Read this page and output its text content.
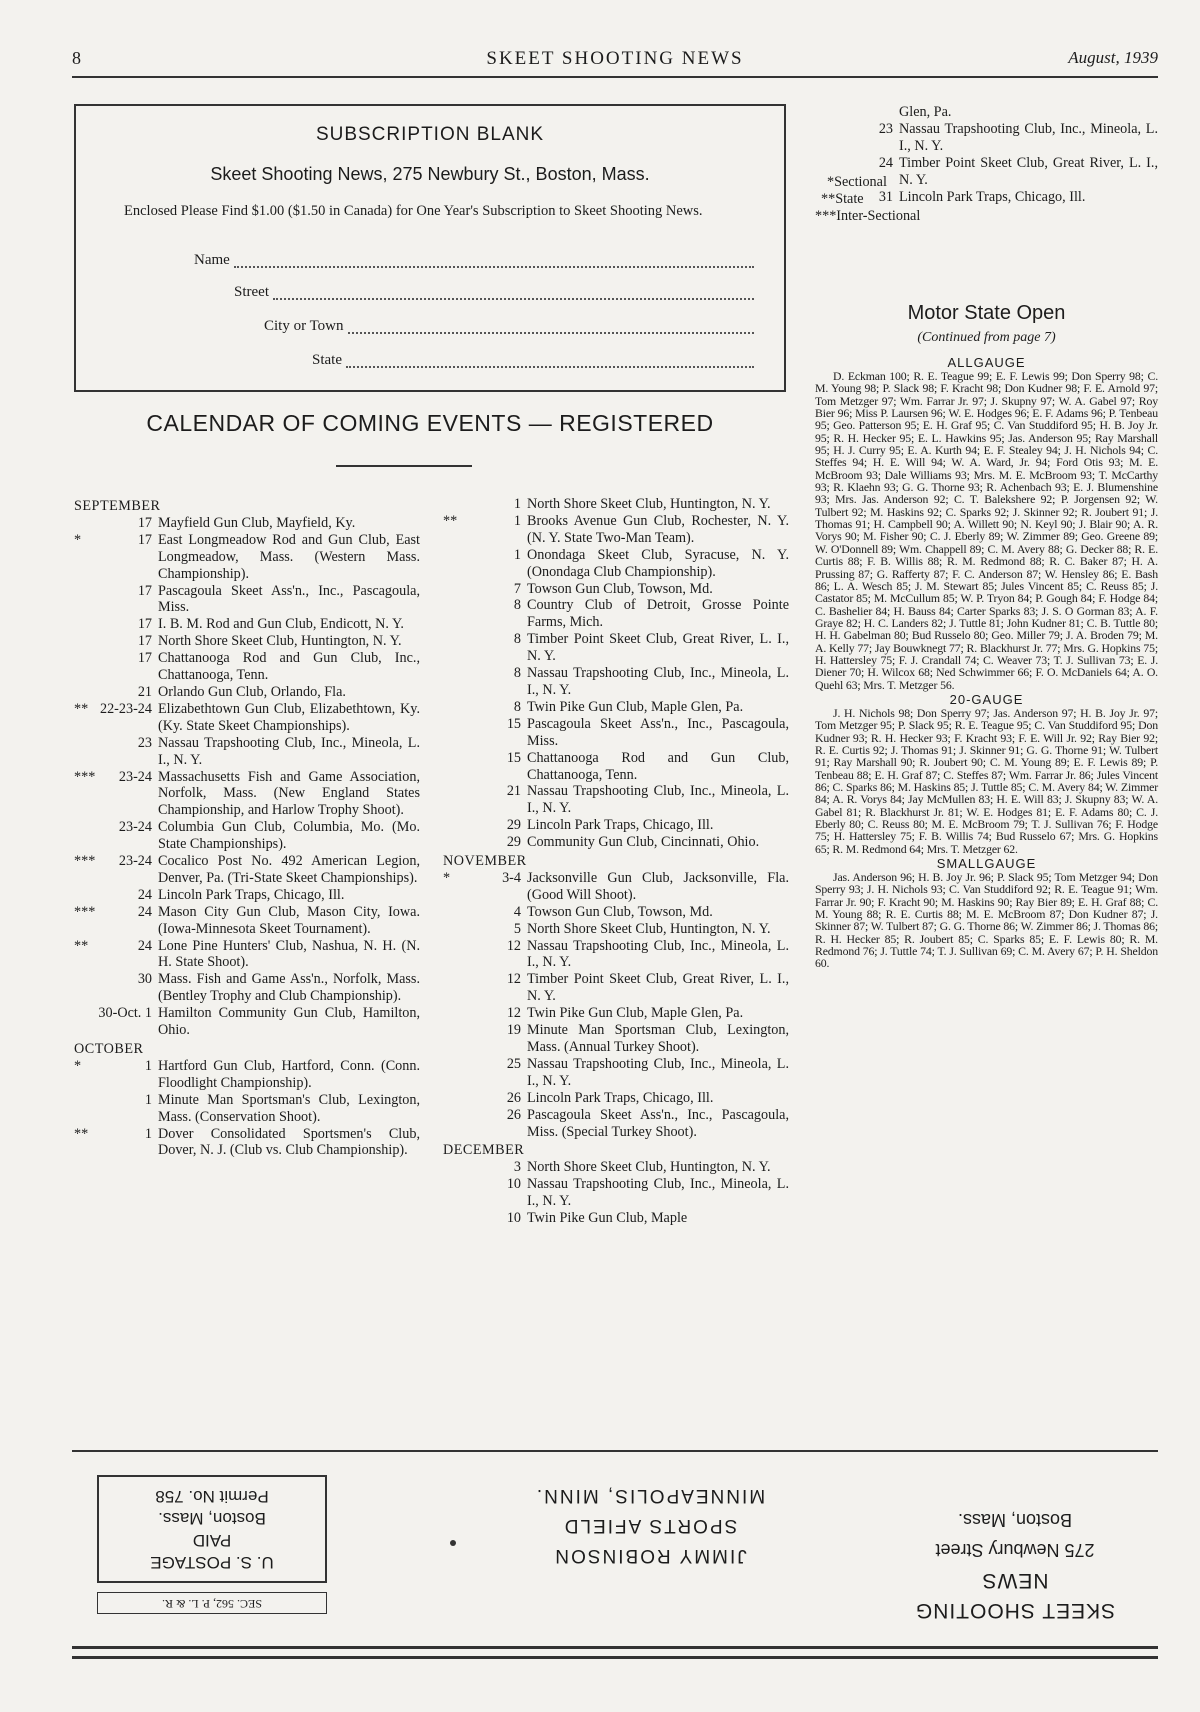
8	SKEET SHOOTING NEWS	August, 1939
SUBSCRIPTION BLANK
Skeet Shooting News, 275 Newbury St., Boston, Mass.
Enclosed Please Find $1.00 ($1.50 in Canada) for One Year's Subscription to Skeet Shooting News.
Name
Street
City or Town
State
CALENDAR OF COMING EVENTS — REGISTERED
SEPTEMBER
17 Mayfield Gun Club, Mayfield, Ky.
*	17 East Longmeadow Rod and Gun Club, East Longmeadow, Mass. (Western Mass. Championship).
17 Pascagoula Skeet Ass'n., Inc., Pascagoula, Miss.
17 I. B. M. Rod and Gun Club, Endicott, N. Y.
17 North Shore Skeet Club, Huntington, N. Y.
17 Chattanooga Rod and Gun Club, Inc., Chattanooga, Tenn.
21 Orlando Gun Club, Orlando, Fla.
** 22-23-24 Elizabethtown Gun Club, Elizabethtown, Ky. (Ky. State Skeet Championships).
23 Nassau Trapshooting Club, Inc., Mineola, L. I., N. Y.
***	23-24 Massachusetts Fish and Game Association, Norfolk, Mass. (New England States Championship, and Harlow Trophy Shoot).
23-24 Columbia Gun Club, Columbia, Mo. (Mo. State Championships).
***	23-24 Cocalico Post No. 492 American Legion, Denver, Pa. (Tri-State Skeet Championships).
24 Lincoln Park Traps, Chicago, Ill.
***	24 Mason City Gun Club, Mason City, Iowa. (Iowa-Minnesota Skeet Tournament).
**	24 Lone Pine Hunters' Club, Nashua, N. H. (N. H. State Shoot).
30 Mass. Fish and Game Ass'n., Norfolk, Mass. (Bentley Trophy and Club Championship).
30-Oct. 1 Hamilton Community Gun Club, Hamilton, Ohio.
OCTOBER
*	1 Hartford Gun Club, Hartford, Conn. (Conn. Floodlight Championship).
1 Minute Man Sportsman's Club, Lexington, Mass. (Conservation Shoot).
**	1 Dover Consolidated Sportsmen's Club, Dover, N. J. (Club vs. Club Championship).
1 North Shore Skeet Club, Huntington, N. Y.
**	1 Brooks Avenue Gun Club, Rochester, N. Y. (N. Y. State Two-Man Team).
1 Onondaga Skeet Club, Syracuse, N. Y. (Onondaga Club Championship).
7 Towson Gun Club, Towson, Md.
8 Country Club of Detroit, Grosse Pointe Farms, Mich.
8 Timber Point Skeet Club, Great River, L. I., N. Y.
8 Nassau Trapshooting Club, Inc., Mineola, L. I., N. Y.
8 Twin Pike Gun Club, Maple Glen, Pa.
15 Pascagoula Skeet Ass'n., Inc., Pascagoula, Miss.
15 Chattanooga Rod and Gun Club, Chattanooga, Tenn.
21 Nassau Trapshooting Club, Inc., Mineola, L. I., N. Y.
29 Lincoln Park Traps, Chicago, Ill.
29 Community Gun Club, Cincinnati, Ohio.
NOVEMBER
*	3-4 Jacksonville Gun Club, Jacksonville, Fla. (Good Will Shoot).
4 Towson Gun Club, Towson, Md.
5 North Shore Skeet Club, Huntington, N. Y.
12 Nassau Trapshooting Club, Inc., Mineola, L. I., N. Y.
12 Timber Point Skeet Club, Great River, L. I., N. Y.
12 Twin Pike Gun Club, Maple Glen, Pa.
19 Minute Man Sportsman Club, Lexington, Mass. (Annual Turkey Shoot).
25 Nassau Trapshooting Club, Inc., Mineola, L. I., N. Y.
26 Lincoln Park Traps, Chicago, Ill.
26 Pascagoula Skeet Ass'n., Inc., Pascagoula, Miss. (Special Turkey Shoot).
DECEMBER
3 North Shore Skeet Club, Huntington, N. Y.
10 Nassau Trapshooting Club, Inc., Mineola, L. I., N. Y.
10 Twin Pike Gun Club, Maple
Glen, Pa.
23 Nassau Trapshooting Club, Inc., Mineola, L. I., N. Y.
24 Timber Point Skeet Club, Great River, L. I., N. Y.
31 Lincoln Park Traps, Chicago, Ill.
*Sectional
**State
***Inter-Sectional
Motor State Open
(Continued from page 7)
ALLGAUGE
D. Eckman 100; R. E. Teague 99; E. F. Lewis 99; Don Sperry 98; C. M. Young 98; P. Slack 98; F. Kracht 98; Don Kudner 98; F. E. Arnold 97; Tom Metzger 97; Wm. Farrar Jr. 97; J. Skupny 97; W. A. Gabel 97; Roy Bier 96; Miss P. Laursen 96; W. E. Hodges 96; E. F. Adams 96; P. Tenbeau 95; Geo. Patterson 95; E. H. Graf 95; C. Van Studdiford 95; H. B. Joy Jr. 95; R. H. Hecker 95; E. L. Hawkins 95; Jas. Anderson 95; Ray Marshall 95; H. J. Curry 95; E. A. Kurth 94; E. F. Stealey 94; J. H. Nichols 94; C. Steffes 94; H. E. Will 94; W. A. Ward, Jr. 94; Ford Otis 93; M. E. McBroom 93; Dale Williams 93; Mrs. M. E. McBroom 93; T. McCarthy 93; R. Klaehn 93; G. G. Thorne 93; R. Achenbach 93; E. J. Blumenshine 93; Mrs. Jas. Anderson 92; C. T. Balekshere 92; P. Jorgensen 92; W. Tulbert 92; M. Haskins 92; C. Sparks 92; J. Skinner 92; R. Joubert 91; J. Thomas 91; H. Campbell 90; A. Willett 90; N. Keyl 90; J. Blair 90; A. R. Vorys 90; M. Fisher 90; C. J. Eberly 89; W. Zimmer 89; Geo. Greene 89; W. O'Donnell 89; Wm. Chappell 89; C. M. Avery 88; G. Decker 88; R. E. Curtis 88; F. B. Willis 88; R. M. Redmond 88; R. C. Baker 87; H. A. Prussing 87; G. Rafferty 87; F. C. Anderson 87; W. Hensley 86; E. Bash 86; L. A. Wesch 85; J. M. Stewart 85; Jules Vincent 85; C. Reuss 85; J. Castator 85; M. McCullum 85; W. P. Tryon 84; P. Gough 84; F. Hodge 84; C. Bashelier 84; H. Bauss 84; Carter Sparks 83; J. S. O Gorman 83; A. F. Graye 82; H. C. Landers 82; J. Tuttle 81; John Kudner 81; C. B. Tuttle 80; H. H. Gabelman 80; Bud Russelo 80; Geo. Miller 79; J. A. Broden 79; M. A. Kelly 77; Jay Bouwknegt 77; R. Blackhurst Jr. 77; Mrs. G. Hopkins 75; H. Hattersley 75; F. J. Crandall 74; C. Weaver 73; T. J. Sullivan 73; E. J. Diener 70; H. Wilcox 68; Ned Schwimmer 66; F. O. McDaniels 64; A. O. Quehl 63; Mrs. T. Metzger 56.
20-GAUGE
J. H. Nichols 98; Don Sperry 97; Jas. Anderson 97; H. B. Joy Jr. 97; Tom Metzger 95; P. Slack 95; R. E. Teague 95; C. Van Studdiford 95; Don Kudner 93; R. H. Hecker 93; F. Kracht 93; F. E. Will Jr. 92; Ray Bier 92; R. E. Curtis 92; J. Thomas 91; J. Skinner 91; G. G. Thorne 91; W. Tulbert 91; Ray Marshall 90; R. Joubert 90; C. M. Young 89; E. F. Lewis 89; P. Tenbeau 88; E. H. Graf 87; C. Steffes 87; Wm. Farrar Jr. 86; Jules Vincent 86; C. Sparks 86; M. Haskins 85; J. Tuttle 85; C. M. Avery 84; W. Zimmer 84; A. R. Vorys 84; Jay McMullen 83; H. E. Will 83; J. Skupny 83; W. A. Gabel 81; R. Blackhurst Jr. 81; W. E. Hodges 81; E. F. Adams 80; C. J. Eberly 80; C. Reuss 80; M. E. McBroom 79; T. J. Sullivan 76; F. Hodge 75; H. Hattersley 75; F. B. Willis 74; Bud Russelo 67; Mrs. G. Hopkins 65; R. M. Redmond 64; Mrs. T. Metzger 62.
SMALLGAUGE
Jas. Anderson 96; H. B. Joy Jr. 96; P. Slack 95; Tom Metzger 94; Don Sperry 93; J. H. Nichols 93; C. Van Studdiford 92; R. E. Teague 91; Wm. Farrar Jr. 90; F. Kracht 90; M. Haskins 90; Ray Bier 89; E. H. Graf 88; C. M. Young 88; R. E. Curtis 88; M. E. McBroom 87; Don Kudner 87; J. Skinner 87; W. Tulbert 87; G. G. Thorne 86; W. Zimmer 86; J. Thomas 86; R. H. Hecker 85; R. Joubert 85; C. Sparks 85; E. F. Lewis 80; R. M. Redmond 76; J. Tuttle 74; T. J. Sullivan 69; C. M. Avery 67; P. H. Sheldon 60.
U. S. POSTAGE
PAID
Boston, Mass.
Permit No. 758
SEC. 562, P. L. & R.
JIMMY ROBINSON
SPORTS AFIELD
MINNEAPOLIS, MINN.
SKEET SHOOTING NEWS
275 Newbury Street
Boston, Mass.
